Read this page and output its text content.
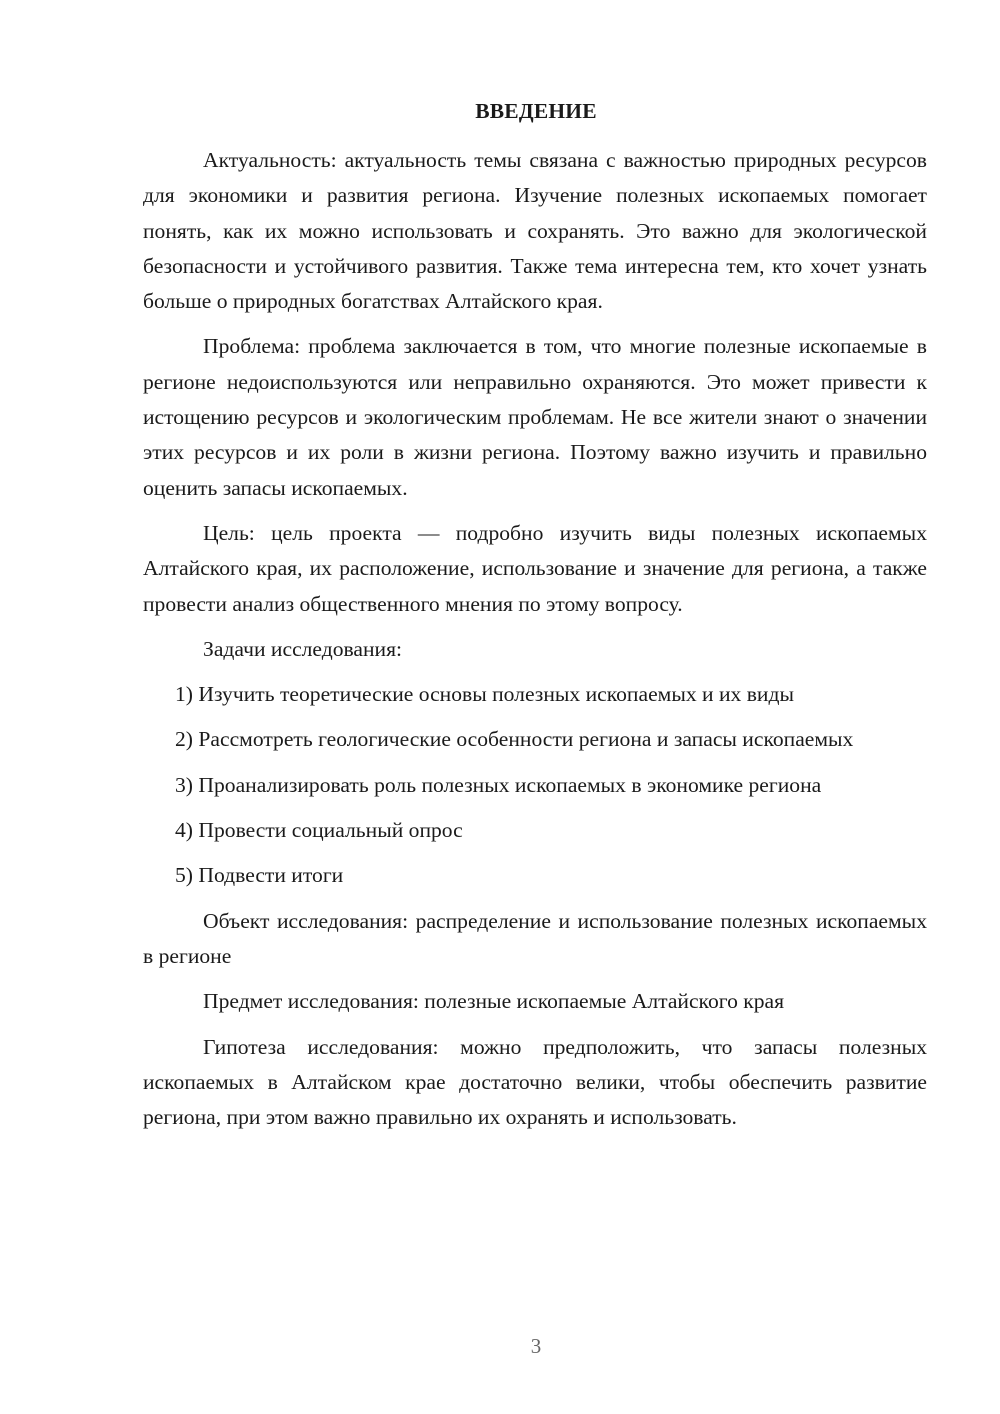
ВВЕДЕНИЕ

Актуальность: актуальность темы связана с важностью природных ресурсов для экономики и развития региона. Изучение полезных ископаемых помогает понять, как их можно использовать и сохранять. Это важно для экологической безопасности и устойчивого развития. Также тема интересна тем, кто хочет узнать больше о природных богатствах Алтайского края.

Проблема: проблема заключается в том, что многие полезные ископаемые в регионе недоиспользуются или неправильно охраняются. Это может привести к истощению ресурсов и экологическим проблемам. Не все жители знают о значении этих ресурсов и их роли в жизни региона. Поэтому важно изучить и правильно оценить запасы ископаемых.

Цель: цель проекта — подробно изучить виды полезных ископаемых Алтайского края, их расположение, использование и значение для региона, а также провести анализ общественного мнения по этому вопросу.

Задачи исследования:

1) Изучить теоретические основы полезных ископаемых и их виды

2) Рассмотреть геологические особенности региона и запасы ископаемых

3) Проанализировать роль полезных ископаемых в экономике региона

4) Провести социальный опрос

5) Подвести итоги

Объект исследования: распределение и использование полезных ископаемых в регионе

Предмет исследования: полезные ископаемые Алтайского края

Гипотеза исследования: можно предположить, что запасы полезных ископаемых в Алтайском крае достаточно велики, чтобы обеспечить развитие региона, при этом важно правильно их охранять и использовать.

3
